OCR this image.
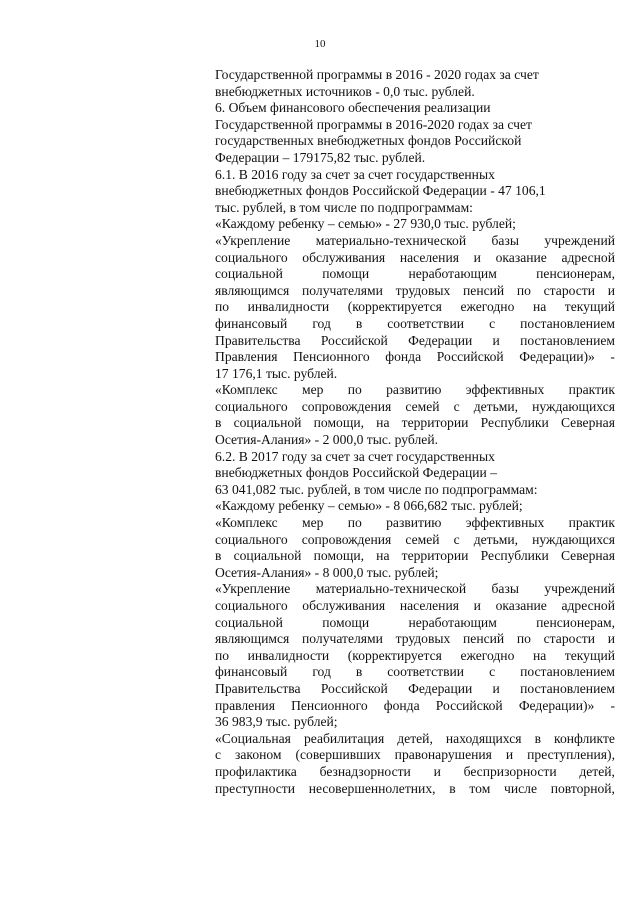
10
Государственной программы в 2016 - 2020 годах за счет
внебюджетных источников - 0,0 тыс. рублей.
6. Объем финансового обеспечения реализации
Государственной программы в 2016-2020 годах за счет
государственных внебюджетных фондов Российской
Федерации – 179175,82 тыс. рублей.
6.1. В 2016 году за счет за счет государственных
внебюджетных фондов Российской Федерации - 47 106,1
тыс. рублей, в том числе по подпрограммам:
«Каждому ребенку – семью» - 27 930,0 тыс. рублей;
«Укрепление материально-технической базы учреждений
социального обслуживания населения и оказание адресной
социальной	помощи	неработающим	пенсионерам,
являющимся получателями трудовых пенсий по старости и
по инвалидности (корректируется ежегодно на текущий
финансовый год в соответствии с постановлением
Правительства Российской Федерации и постановлением
Правления Пенсионного фонда Российской Федерации)» -
17 176,1 тыс. рублей.
«Комплекс мер по развитию эффективных практик
социального сопровождения семей с детьми, нуждающихся
в социальной помощи, на территории Республики Северная
Осетия-Алания» - 2 000,0 тыс. рублей.
6.2. В 2017 году за счет за счет государственных
внебюджетных фондов Российской Федерации –
63 041,082 тыс. рублей, в том числе по подпрограммам:
«Каждому ребенку – семью» - 8 066,682 тыс. рублей;
«Комплекс мер по развитию эффективных практик
социального сопровождения семей с детьми, нуждающихся
в социальной помощи, на территории Республики Северная
Осетия-Алания» - 8 000,0 тыс. рублей;
«Укрепление материально-технической базы учреждений
социального обслуживания населения и оказание адресной
социальной	помощи	неработающим	пенсионерам,
являющимся получателями трудовых пенсий по старости и
по инвалидности (корректируется ежегодно на текущий
финансовый год в соответствии с постановлением
Правительства Российской Федерации и постановлением
правления Пенсионного фонда Российской Федерации)» -
36 983,9 тыс. рублей;
«Социальная реабилитация детей, находящихся в конфликте
с законом (совершивших правонарушения и преступления),
профилактика безнадзорности и беспризорности детей,
преступности несовершеннолетних, в том числе повторной,
